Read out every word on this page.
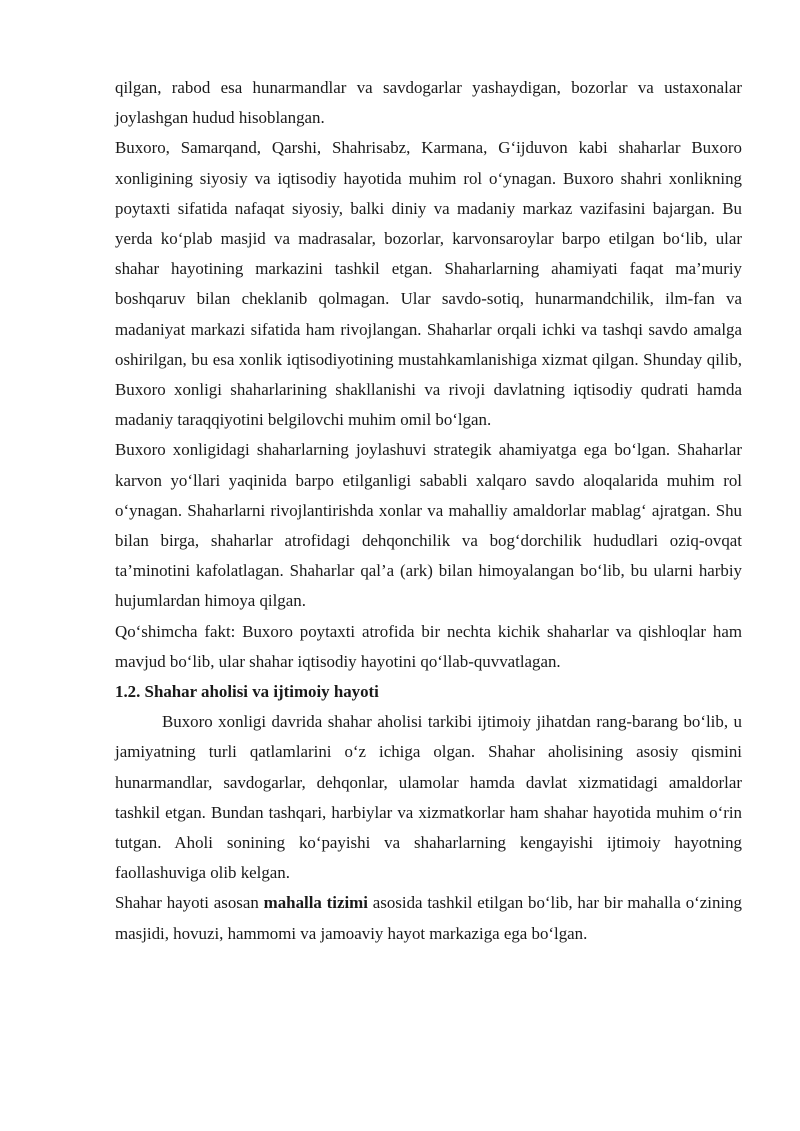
qilgan, rabod esa hunarmandlar va savdogarlar yashaydigan, bozorlar va ustaxonalar joylashgan hudud hisoblangan.

Buxoro, Samarqand, Qarshi, Shahrisabz, Karmana, G‘ijduvon kabi shaharlar Buxoro xonligining siyosiy va iqtisodiy hayotida muhim rol o‘ynagan. Buxoro shahri xonlikning poytaxti sifatida nafaqat siyosiy, balki diniy va madaniy markaz vazifasini bajargan. Bu yerda ko‘plab masjid va madrasalar, bozorlar, karvonsaroylar barpo etilgan bo‘lib, ular shahar hayotining markazini tashkil etgan. Shaharlarning ahamiyati faqat ma’muriy boshqaruv bilan cheklanib qolmagan. Ular savdo-sotiq, hunarmandchilik, ilm-fan va madaniyat markazi sifatida ham rivojlangan. Shaharlar orqali ichki va tashqi savdo amalga oshirilgan, bu esa xonlik iqtisodiyotining mustahkamlanishiga xizmat qilgan. Shunday qilib, Buxoro xonligi shaharlarining shakllanishi va rivoji davlatning iqtisodiy qudrati hamda madaniy taraqqiyotini belgilovchi muhim omil bo‘lgan.

Buxoro xonligidagi shaharlarning joylashuvi strategik ahamiyatga ega bo‘lgan. Shaharlar karvon yo‘llari yaqinida barpo etilganligi sababli xalqaro savdo aloqalarida muhim rol o‘ynagan. Shaharlarni rivojlantirishda xonlar va mahalliy amaldorlar mablag‘ ajratgan. Shu bilan birga, shaharlar atrofidagi dehqonchilik va bog‘dorchilik hududlari oziq-ovqat ta’minotini kafolatlagan. Shaharlar qal’a (ark) bilan himoyalangan bo‘lib, bu ularni harbiy hujumlardan himoya qilgan.

Qo‘shimcha fakt: Buxoro poytaxti atrofida bir nechta kichik shaharlar va qishloqlar ham mavjud bo‘lib, ular shahar iqtisodiy hayotini qo‘llab-quvvatlagan.

1.2. Shahar aholisi va ijtimoiy hayoti

Buxoro xonligi davrida shahar aholisi tarkibi ijtimoiy jihatdan rang-barang bo‘lib, u jamiyatning turli qatlamlarini o‘z ichiga olgan. Shahar aholisining asosiy qismini hunarmandlar, savdogarlar, dehqonlar, ulamolar hamda davlat xizmatidagi amaldorlar tashkil etgan. Bundan tashqari, harbiylar va xizmatkorlar ham shahar hayotida muhim o‘rin tutgan. Aholi sonining ko‘payishi va shaharlarning kengayishi ijtimoiy hayotning faollashuviga olib kelgan.

Shahar hayoti asosan mahalla tizimi asosida tashkil etilgan bo‘lib, har bir mahalla o‘zining masjidi, hovuzi, hammomi va jamoaviy hayot markaziga ega bo‘lgan.
